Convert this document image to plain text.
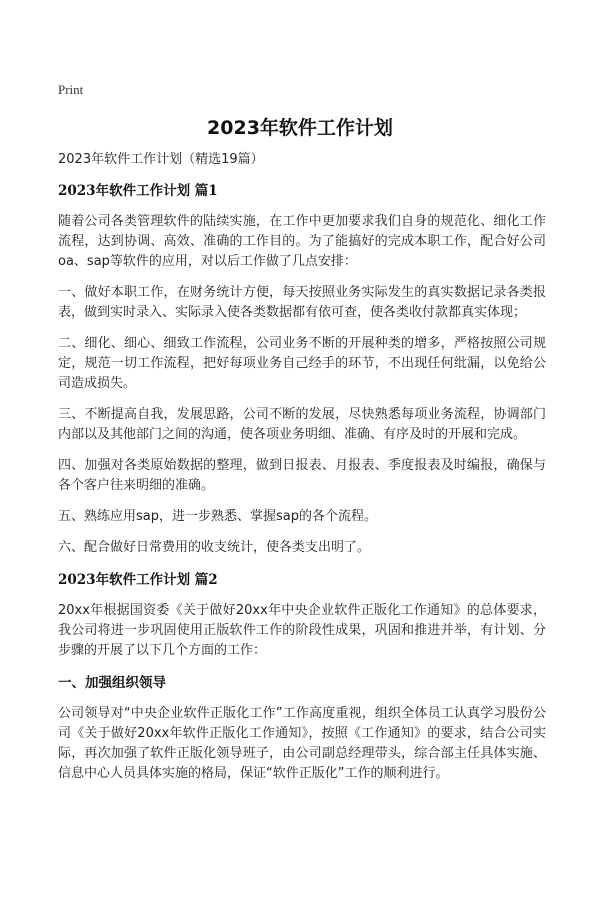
Print
2023年软件工作计划

2023年软件工作计划（精选19篇）

2023年软件工作计划 篇1

随着公司各类管理软件的陆续实施，在工作中更加要求我们自身的规范化、细化工作流程，达到协调、高效、准确的工作目的。为了能搞好的完成本职工作，配合好公司oa、sap等软件的应用，对以后工作做了几点安排：

一、做好本职工作，在财务统计方便，每天按照业务实际发生的真实数据记录各类报表，做到实时录入、实际录入使各类数据都有依可查，使各类收付款都真实体现；

二、细化、细心、细致工作流程，公司业务不断的开展种类的增多，严格按照公司规定，规范一切工作流程，把好每项业务自己经手的环节，不出现任何纰漏，以免给公司造成损失。

三、不断提高自我，发展思路，公司不断的发展，尽快熟悉每项业务流程，协调部门内部以及其他部门之间的沟通，使各项业务明细、准确、有序及时的开展和完成。

四、加强对各类原始数据的整理，做到日报表、月报表、季度报表及时编报，确保与各个客户往来明细的准确。

五、熟练应用sap，进一步熟悉、掌握sap的各个流程。

六、配合做好日常费用的收支统计，使各类支出明了。

2023年软件工作计划 篇2

20xx年根据国资委《关于做好20xx年中央企业软件正版化工作通知》的总体要求，我公司将进一步巩固使用正版软件工作的阶段性成果，巩固和推进并举，有计划、分步骤的开展了以下几个方面的工作：

一、加强组织领导

公司领导对“中央企业软件正版化工作”工作高度重视，组织全体员工认真学习股份公司《关于做好20xx年软件正版化工作通知》，按照《工作通知》的要求，结合公司实际，再次加强了软件正版化领导班子，由公司副总经理带头，综合部主任具体实施、信息中心人员具体实施的格局，保证“软件正版化”工作的顺利进行。
